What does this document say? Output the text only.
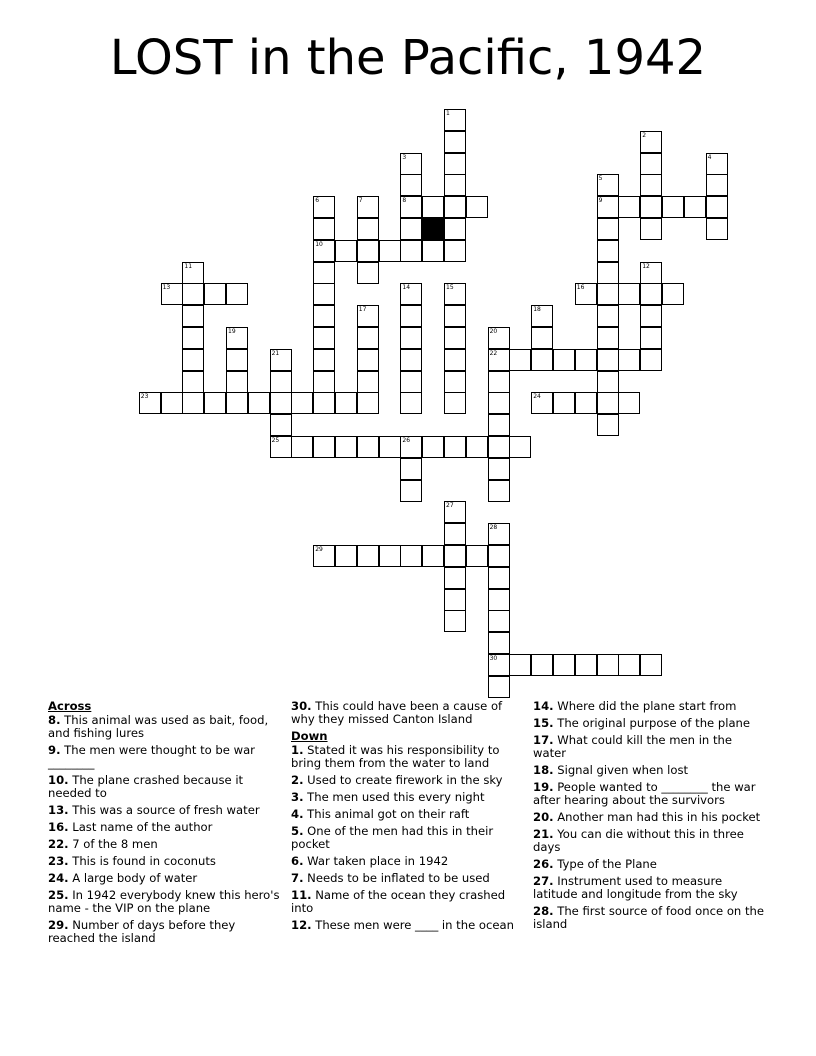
LOST in the Pacific, 1942
1
2
3	4
5
6	7	8	9
10
11	12
13	14	15	16
17	18
19	20
21	22
23	24
25	26
27
28
29
30
Across
8. This animal was used as bait, food, and fishing lures
9. The men were thought to be war ________
10. The plane crashed because it needed to
13. This was a source of fresh water
16. Last name of the author
22. 7 of the 8 men
23. This is found in coconuts
24. A large body of water
25. In 1942 everybody knew this hero's name - the VIP on the plane
29. Number of days before they reached the island
30. This could have been a cause of why they missed Canton Island
Down
1. Stated it was his responsibility to bring them from the water to land
2. Used to create firework in the sky
3. The men used this every night
4. This animal got on their raft
5. One of the men had this in their pocket
6. War taken place in 1942
7. Needs to be inflated to be used
11. Name of the ocean they crashed into
12. These men were ____ in the ocean
14. Where did the plane start from
15. The original purpose of the plane
17. What could kill the men in the water
18. Signal given when lost
19. People wanted to ________ the war after hearing about the survivors
20. Another man had this in his pocket
21. You can die without this in three days
26. Type of the Plane
27. Instrument used to measure latitude and longitude from the sky
28. The first source of food once on the island
